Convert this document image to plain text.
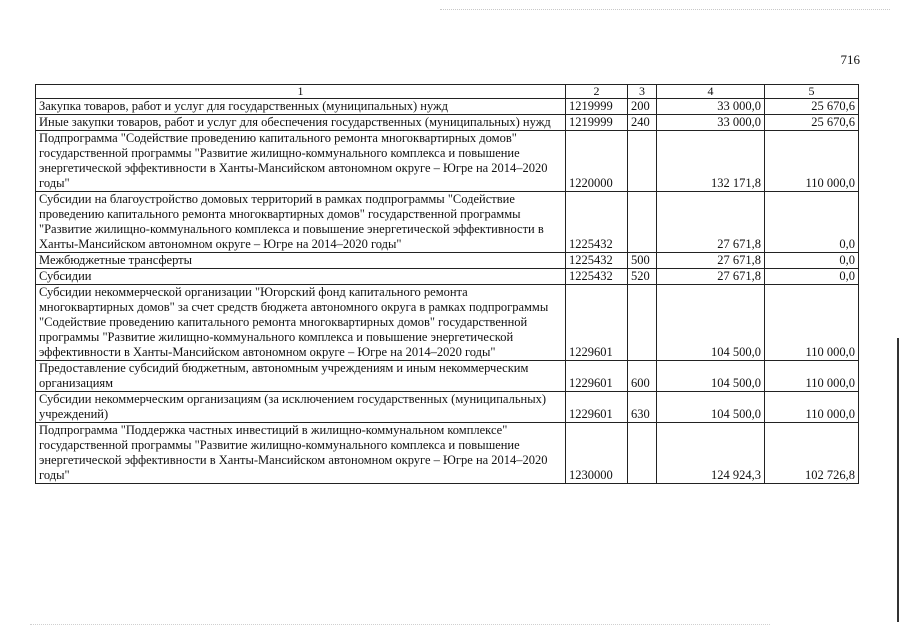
716
1	2	3	4	5
Закупка товаров, работ и услуг для государственных (муниципальных) нужд	1219999	200	33 000,0	25 670,6
Иные закупки товаров, работ и услуг для обеспечения государственных (муниципальных) нужд	1219999	240	33 000,0	25 670,6
Подпрограмма "Содействие проведению капитального ремонта многоквартирных домов" государственной программы "Развитие жилищно-коммунального комплекса и повышение энергетической эффективности в Ханты-Мансийском автономном округе – Югре на 2014–2020 годы"	1220000		132 171,8	110 000,0
Субсидии на благоустройство домовых территорий в рамках подпрограммы "Содействие проведению капитального ремонта многоквартирных домов" государственной программы "Развитие жилищно-коммунального комплекса и повышение энергетической эффективности в Ханты-Мансийском автономном округе – Югре на 2014–2020 годы"	1225432		27 671,8	0,0
Межбюджетные трансферты	1225432	500	27 671,8	0,0
Субсидии	1225432	520	27 671,8	0,0
Субсидии некоммерческой организации "Югорский фонд капитального ремонта многоквартирных домов" за счет средств бюджета автономного округа в рамках подпрограммы "Содействие проведению капитального ремонта многоквартирных домов" государственной программы "Развитие жилищно-коммунального комплекса и повышение энергетической эффективности в Ханты-Мансийском автономном округе – Югре на 2014–2020 годы"	1229601		104 500,0	110 000,0
Предоставление субсидий бюджетным, автономным учреждениям и иным некоммерческим организациям	1229601	600	104 500,0	110 000,0
Субсидии некоммерческим организациям (за исключением государственных (муниципальных) учреждений)	1229601	630	104 500,0	110 000,0
Подпрограмма "Поддержка частных инвестиций в жилищно-коммунальном комплексе" государственной программы "Развитие жилищно-коммунального комплекса и повышение энергетической эффективности в Ханты-Мансийском автономном округе – Югре на 2014–2020 годы"	1230000		124 924,3	102 726,8
